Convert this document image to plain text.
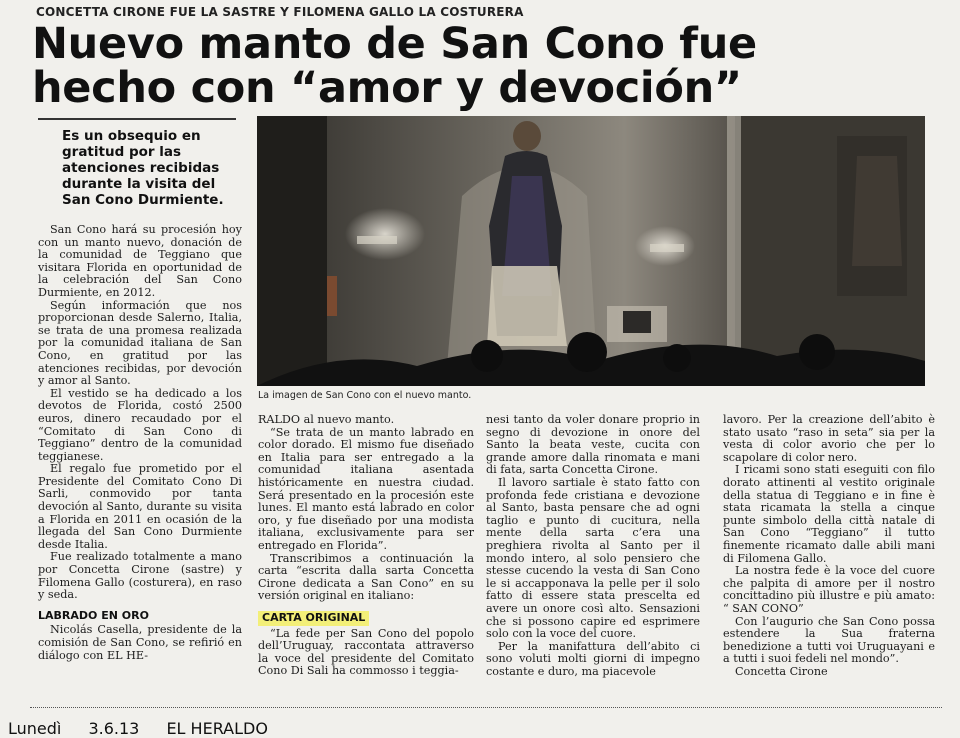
CONCETTA CIRONE FUE LA SASTRE Y FILOMENA GALLO LA COSTURERA
Nuevo manto de San Cono fue
hecho con “amor y devoción”
Es un obsequio en gratitud por las atenciones recibidas durante la visita del San Cono Durmiente.
La imagen de San Cono con el nuevo manto.

San Cono hará su procesión hoy con un manto nuevo, donación de la comunidad de Teggiano que visitara Florida en oportunidad de la celebración del San Cono Durmiente, en 2012.

Según información que nos proporcionan desde Salerno, Italia, se trata de una promesa realizada por la comunidad italiana de San Cono, en gratitud por las atenciones recibidas, por devoción y amor al Santo.

El vestido se ha dedicado a los devotos de Florida, costó 2500 euros, dinero recaudado por el “Comitato di San Cono di Teggiano” dentro de la comunidad teggianese.

El regalo fue prometido por el Presidente del Comitato Cono Di Sarli, conmovido por tanta devoción al Santo, durante su visita a Florida en 2011 en ocasión de la llegada del San Cono Durmiente desde Italia.

Fue realizado totalmente a mano por Concetta Cirone (sastre) y Filomena Gallo (costurera), en raso y seda.

LABRADO EN ORO

Nicolás Casella, presidente de la comisión de San Cono, se refirió en diálogo con EL HE-

RALDO al nuevo manto.

“Se trata de un manto labrado en color dorado. El mismo fue diseñado en Italia para ser entregado a la comunidad italiana asentada históricamente en nuestra ciudad. Será presentado en la procesión este lunes. El manto está labrado en color oro, y fue diseñado por una modista italiana, exclusivamente para ser entregado en Florida”.

Transcribimos a continuación la carta “escrita dalla sarta Concetta Cirone dedicata a San Cono” en su versión original en italiano:

CARTA ORIGINAL

“La fede per San Cono del popolo dell’Uruguay, raccontata attraverso la voce del presidente del Comitato Cono Di Sali ha commosso i teggia-

nesi tanto da voler donare proprio in segno di devozione in onore del Santo la beata veste, cucita con grande amore dalla rinomata e mani di fata, sarta Concetta Cirone.

Il lavoro sartiale è stato fatto con profonda fede cristiana e devozione al Santo, basta pensare che ad ogni taglio e punto di cucitura, nella mente della sarta c’era una preghiera rivolta al Santo per il mondo intero, al solo pensiero che stesse cucendo la vesta di San Cono le si accapponava la pelle per il solo fatto di essere stata prescelta ed avere un onore così alto. Sensazioni che si possono capire ed esprimere solo con la voce del cuore.

Per la manifattura dell’abito ci sono voluti molti giorni di impegno costante e duro, ma piacevole

lavoro. Per la creazione dell’abito è stato usato “raso in seta” sia per la vesta di color avorio che per lo scapolare di color nero.

I ricami sono stati eseguiti con filo dorato attinenti al vestito originale della statua di Teggiano e in fine è stata ricamata la stella a cinque punte simbolo della città natale di San Cono “Teggiano” il tutto finemente ricamato dalle abili mani di Filomena Gallo.

La nostra fede è la voce del cuore che palpita di amore per il nostro concittadino più illustre e più amato: “ SAN CONO”

Con l’augurio che San Cono possa estendere la Sua fraterna benedizione a tutti voi Uruguayani e a tutti i suoi fedeli nel mondo”.

Concetta Cirone

Lunedì 3.6.13 EL HERALDO
